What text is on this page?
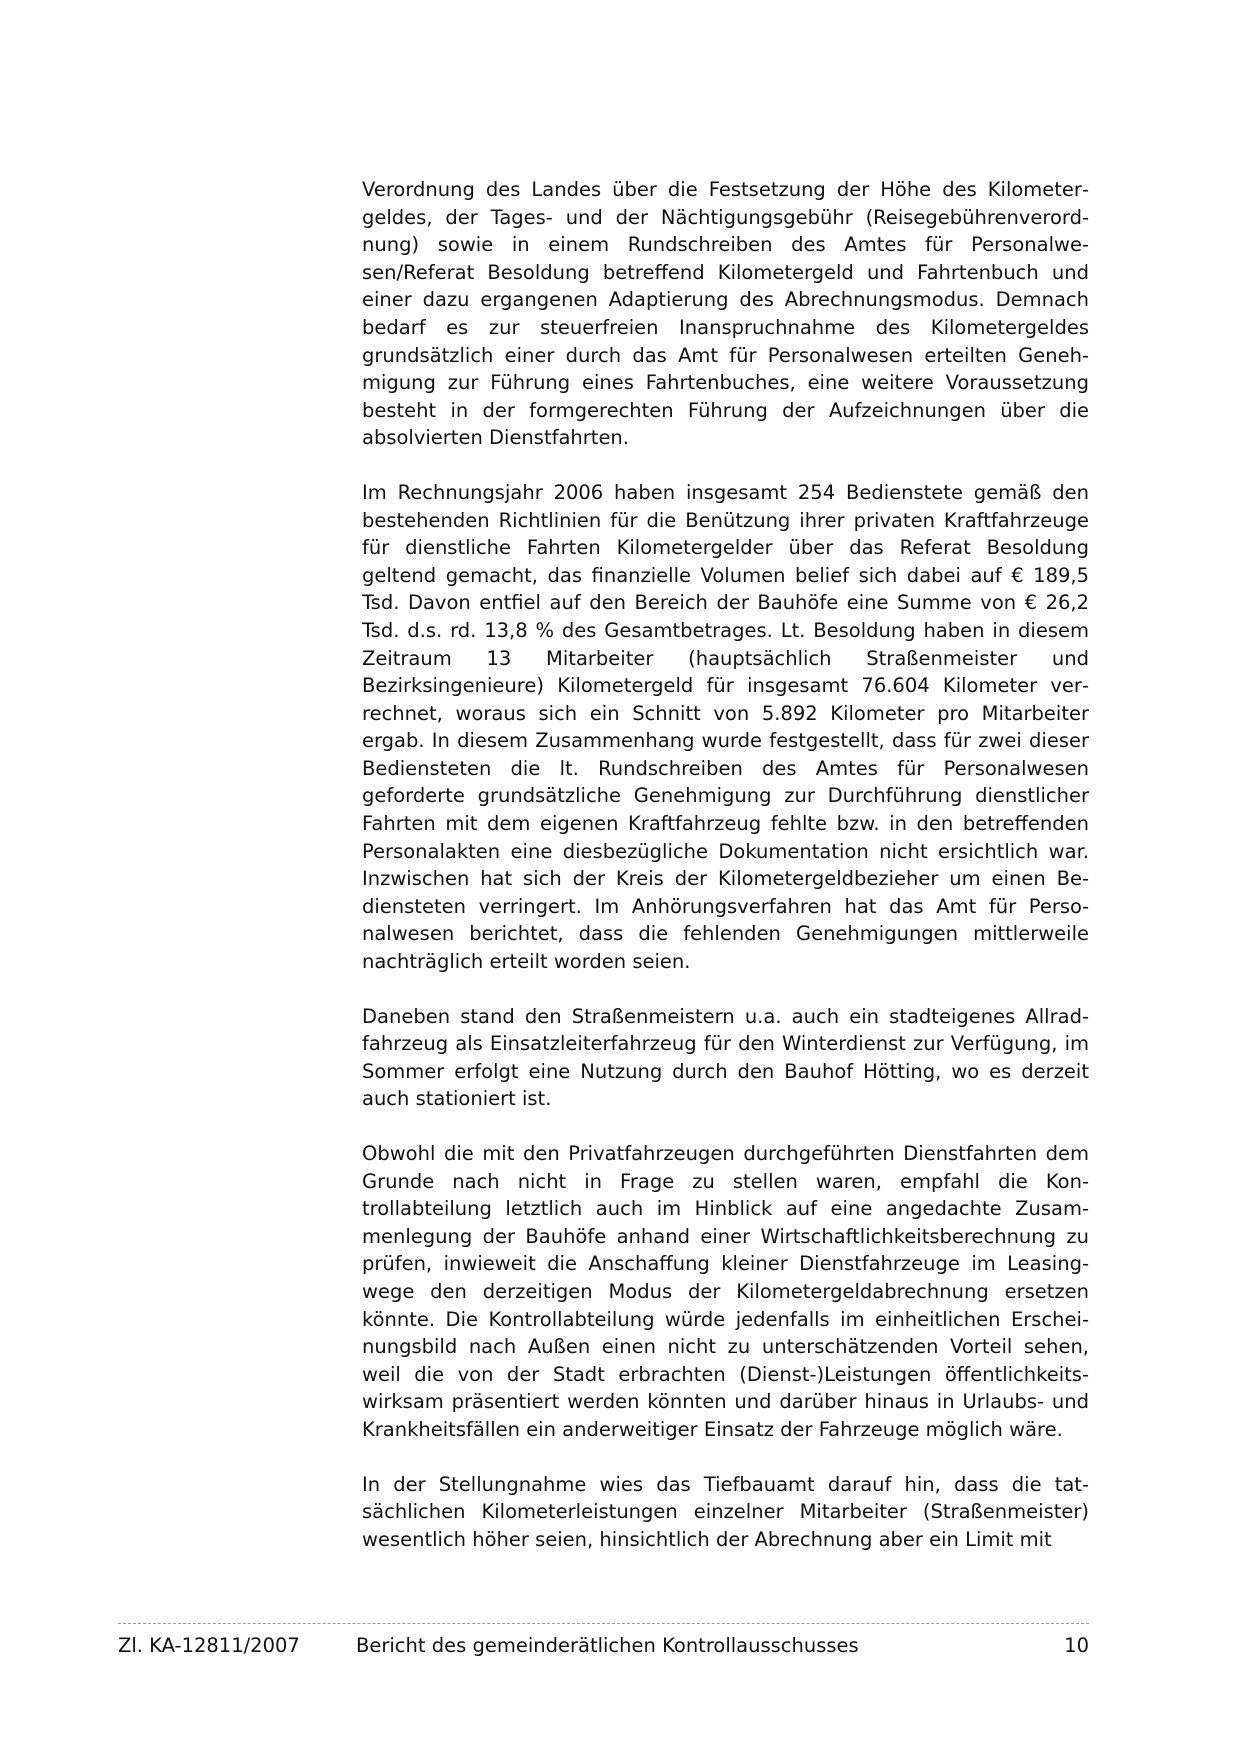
Verordnung des Landes über die Festsetzung der Höhe des Kilometergeldes, der Tages- und der Nächtigungsgebühr (Reisegebührenverordnung) sowie in einem Rundschreiben des Amtes für Personalwesen/Referat Besoldung betreffend Kilometergeld und Fahrtenbuch und einer dazu ergangenen Adaptierung des Abrechnungsmodus. Demnach bedarf es zur steuerfreien Inanspruchnahme des Kilometergeldes grundsätzlich einer durch das Amt für Personalwesen erteilten Genehmigung zur Führung eines Fahrtenbuches, eine weitere Voraussetzung besteht in der formgerechten Führung der Aufzeichnungen über die absolvierten Dienstfahrten.

Im Rechnungsjahr 2006 haben insgesamt 254 Bedienstete gemäß den bestehenden Richtlinien für die Benützung ihrer privaten Kraftfahrzeuge für dienstliche Fahrten Kilometergelder über das Referat Besoldung geltend gemacht, das finanzielle Volumen belief sich dabei auf € 189,5 Tsd. Davon entfiel auf den Bereich der Bauhöfe eine Summe von € 26,2 Tsd. d.s. rd. 13,8 % des Gesamtbetrages. Lt. Besoldung haben in diesem Zeitraum 13 Mitarbeiter (hauptsächlich Straßenmeister und Bezirksingenieure) Kilometergeld für insgesamt 76.604 Kilometer verrechnet, woraus sich ein Schnitt von 5.892 Kilometer pro Mitarbeiter ergab. In diesem Zusammenhang wurde festgestellt, dass für zwei dieser Bediensteten die lt. Rundschreiben des Amtes für Personalwesen geforderte grundsätzliche Genehmigung zur Durchführung dienstlicher Fahrten mit dem eigenen Kraftfahrzeug fehlte bzw. in den betreffenden Personalakten eine diesbezügliche Dokumentation nicht ersichtlich war. Inzwischen hat sich der Kreis der Kilometergeldbezieher um einen Bediensteten verringert. Im Anhörungsverfahren hat das Amt für Personalwesen berichtet, dass die fehlenden Genehmigungen mittlerweile nachträglich erteilt worden seien.

Daneben stand den Straßenmeistern u.a. auch ein stadteigenes Allradfahrzeug als Einsatzleiterfahrzeug für den Winterdienst zur Verfügung, im Sommer erfolgt eine Nutzung durch den Bauhof Hötting, wo es derzeit auch stationiert ist.

Obwohl die mit den Privatfahrzeugen durchgeführten Dienstfahrten dem Grunde nach nicht in Frage zu stellen waren, empfahl die Kontrollabteilung letztlich auch im Hinblick auf eine angedachte Zusammenlegung der Bauhöfe anhand einer Wirtschaftlichkeitsberechnung zu prüfen, inwieweit die Anschaffung kleiner Dienstfahrzeuge im Leasingwege den derzeitigen Modus der Kilometergeldabrechnung ersetzen könnte. Die Kontrollabteilung würde jedenfalls im einheitlichen Erscheinungsbild nach Außen einen nicht zu unterschätzenden Vorteil sehen, weil die von der Stadt erbrachten (Dienst-)Leistungen öffentlichkeitswirksam präsentiert werden könnten und darüber hinaus in Urlaubs- und Krankheitsfällen ein anderweitiger Einsatz der Fahrzeuge möglich wäre.

In der Stellungnahme wies das Tiefbauamt darauf hin, dass die tatsächlichen Kilometerleistungen einzelner Mitarbeiter (Straßenmeister) wesentlich höher seien, hinsichtlich der Abrechnung aber ein Limit mit

Zl. KA-12811/2007	Bericht des gemeinderätlichen Kontrollausschusses	10
